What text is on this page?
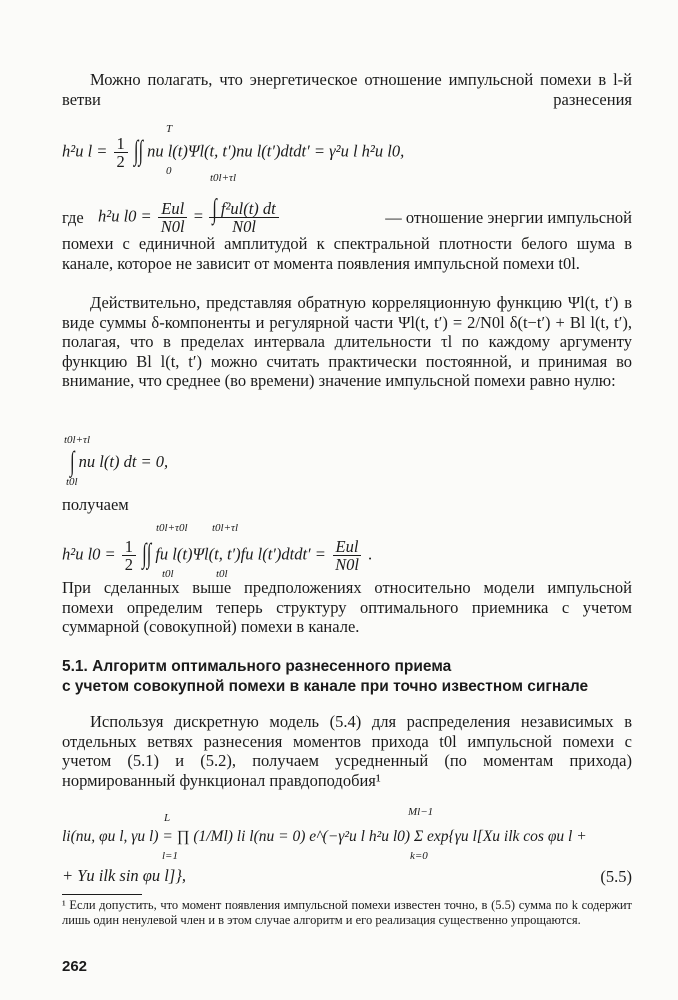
Можно полагать, что энергетическое отношение импульсной помехи в l-й ветви разнесения

h²и $l = \frac{1}{2}$ ∫∫ nи l(t)Ψl(t, t′)nи l(t′)dtdt′ = γ²и l h²и l0,
T
0
где h²и $l0 = \frac{\text{Eиl}}{N0l} = \frac{\text{∫ f²иl(t) dt}}{N0l}$
t0l+τl
— отношение энергии импульсной

помехи с единичной амплитудой к спектральной плотности белого шума в канале, которое не зависит от момента появления импульсной помехи t0l.

Действительно, представляя обратную корреляционную функцию Ψl(t, t′) в виде суммы δ-компоненты и регулярной части Ψl(t, t′) = 2/N0l δ(t−t′) + Bl l(t, t′), полагая, что в пределах интервала длительности τl по каждому аргументу функцию Bl l(t, t′) можно считать практически постоянной, и принимая во внимание, что среднее (во времени) значение импульсной помехи равно нулю:

∫ nи l(t) dt = 0,
t0l+τl
t0l

получаем

h²и $l0 = \frac{1}{2}$ ∫∫ fи l(t)Ψl(t, t′)fи l(t′)dtdt′ = $\frac{\text{Eиl}}{N0l}$ .
t0l+τ0l
t0l
t0l+τl
t0l

При сделанных выше предположениях относительно модели импульсной помехи определим теперь структуру оптимального приемника с учетом суммарной (совокупной) помехи в канале.

5.1. Алгоритм оптимального разнесенного приема
с учетом совокупной помехи в канале при точно известном сигнале

Используя дискретную модель (5.4) для распределения независимых в отдельных ветвях разнесения моментов прихода t0l импульсной помехи с учетом (5.1) и (5.2), получаем усредненный (по моментам прихода) нормированный функционал правдоподобия¹

li(nи, φи l, γи l) = ∏ (1/Ml) li l(nи = 0) e^(−γ²и l h²и l0) Σ exp{γи l[Xи ilk cos φи l +
L
l=1
Ml−1
k=0
+ Yи ilk sin φи l]},	(5.5)

¹ Если допустить, что момент появления импульсной помехи известен точно, в (5.5) сумма по k содержит лишь один ненулевой член и в этом случае алгоритм и его реализация существенно упрощаются.

262
